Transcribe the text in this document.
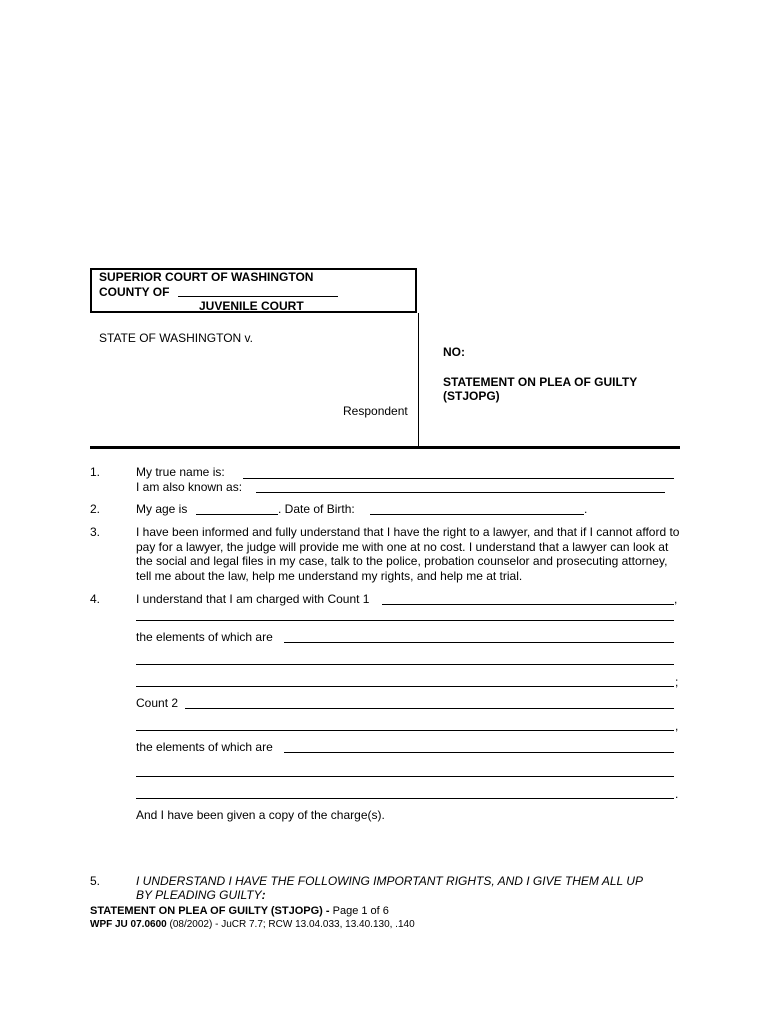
SUPERIOR COURT OF WASHINGTON
COUNTY OF
JUVENILE COURT
STATE OF WASHINGTON v.
Respondent
NO:
STATEMENT ON PLEA OF GUILTY
(STJOPG)
1.	My true name is:
I am also known as:
2.	My age is	. Date of Birth:	.
3.	I have been informed and fully understand that I have the right to a lawyer, and that if I cannot afford to pay for a lawyer, the judge will provide me with one at no cost. I understand that a lawyer can look at the social and legal files in my case, talk to the police, probation counselor and prosecuting attorney, tell me about the law, help me understand my rights, and help me at trial.
4.	I understand that I am charged with Count 1	,
the elements of which are
;
Count 2
,
the elements of which are
.
And I have been given a copy of the charge(s).
5.	I UNDERSTAND I HAVE THE FOLLOWING IMPORTANT RIGHTS, AND I GIVE THEM ALL UP
BY PLEADING GUILTY:
STATEMENT ON PLEA OF GUILTY (STJOPG) - Page 1 of 6
WPF JU 07.0600 (08/2002) - JuCR 7.7; RCW 13.04.033, 13.40.130, .140
